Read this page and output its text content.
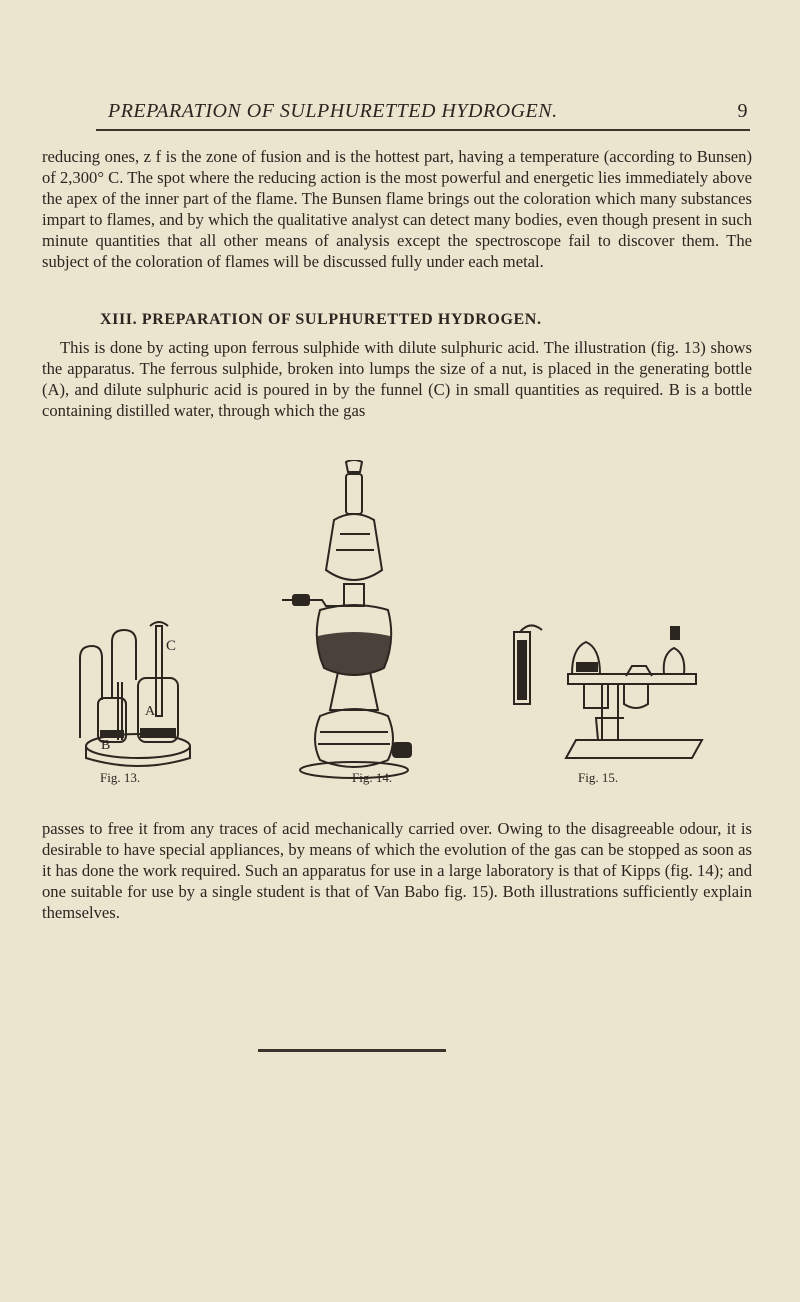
PREPARATION OF SULPHURETTED HYDROGEN.	9

reducing ones, z f is the zone of fusion and is the hottest part, having a temperature (according to Bunsen) of 2,300° C. The spot where the reducing action is the most powerful and energetic lies immediately above the apex of the inner part of the flame. The Bunsen flame brings out the coloration which many substances impart to flames, and by which the qualitative analyst can detect many bodies, even though present in such minute quantities that all other means of analysis except the spectroscope fail to discover them. The subject of the coloration of flames will be discussed fully under each metal.

XIII. PREPARATION OF SULPHURETTED HYDROGEN.

This is done by acting upon ferrous sulphide with dilute sulphuric acid. The illustration (fig. 13) shows the apparatus. The ferrous sulphide, broken into lumps the size of a nut, is placed in the generating bottle (A), and dilute sulphuric acid is poured in by the funnel (C) in small quantities as required. B is a bottle containing distilled water, through which the gas

C
B
A
Fig. 13.	Fig. 14.	Fig. 15.

passes to free it from any traces of acid mechanically carried over. Owing to the disagreeable odour, it is desirable to have special appliances, by means of which the evolution of the gas can be stopped as soon as it has done the work required. Such an apparatus for use in a large laboratory is that of Kipps (fig. 14); and one suitable for use by a single student is that of Van Babo fig. 15). Both illustrations sufficiently explain themselves.
